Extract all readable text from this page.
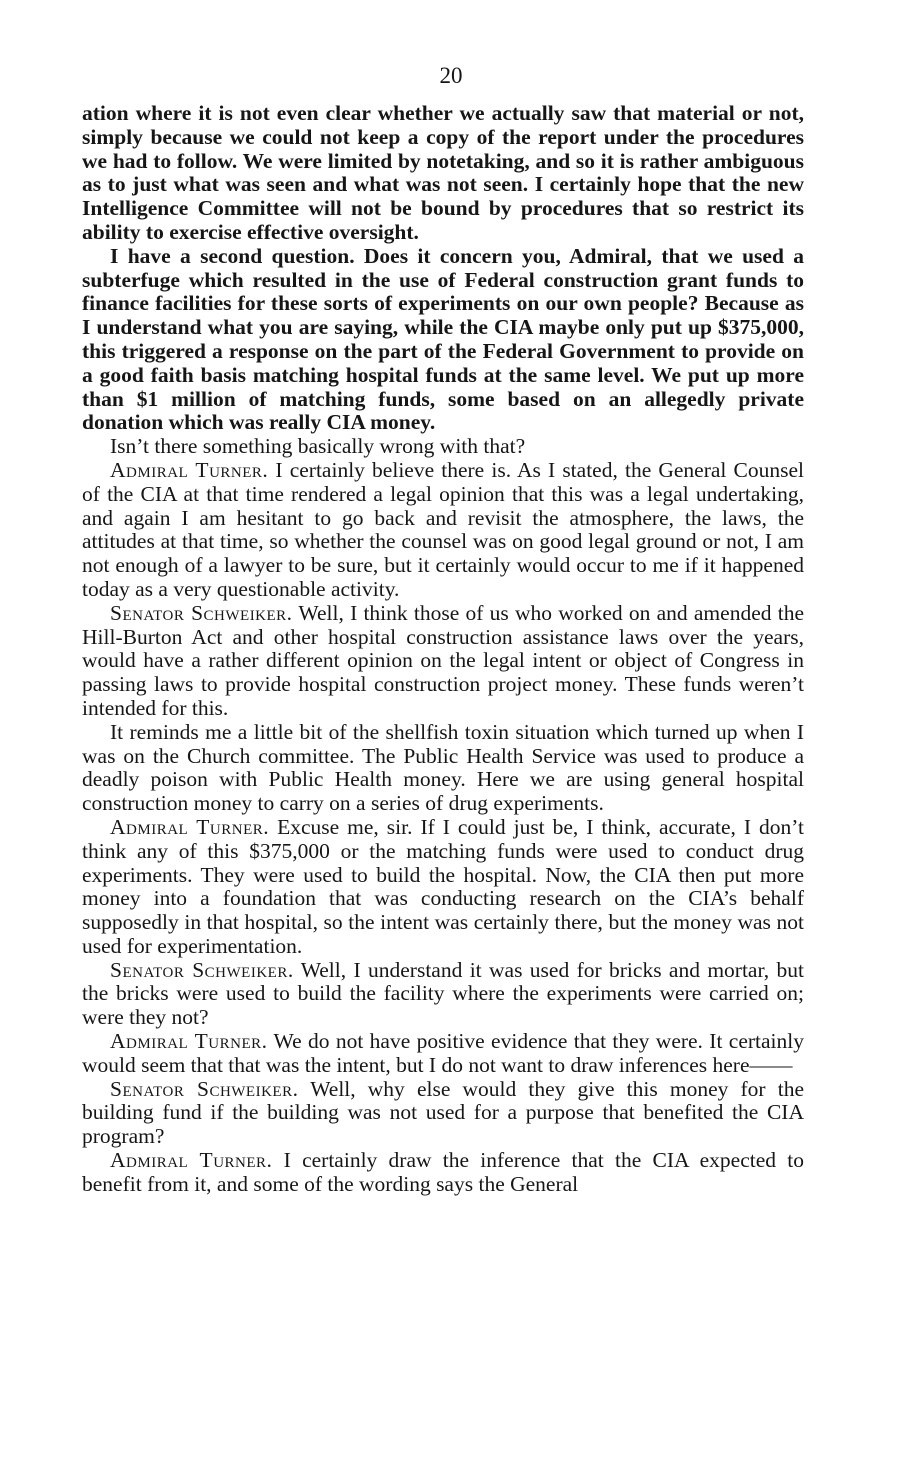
20

ation where it is not even clear whether we actually saw that material or not, simply because we could not keep a copy of the report under the procedures we had to follow. We were limited by notetaking, and so it is rather ambiguous as to just what was seen and what was not seen. I certainly hope that the new Intelligence Committee will not be bound by procedures that so restrict its ability to exercise effective oversight.

I have a second question. Does it concern you, Admiral, that we used a subterfuge which resulted in the use of Federal construction grant funds to finance facilities for these sorts of experiments on our own people? Because as I understand what you are saying, while the CIA maybe only put up $375,000, this triggered a response on the part of the Federal Government to provide on a good faith basis matching hospital funds at the same level. We put up more than $1 million of matching funds, some based on an allegedly private donation which was really CIA money.

Isn’t there something basically wrong with that?

Admiral Turner. I certainly believe there is. As I stated, the General Counsel of the CIA at that time rendered a legal opinion that this was a legal undertaking, and again I am hesitant to go back and revisit the atmosphere, the laws, the attitudes at that time, so whether the counsel was on good legal ground or not, I am not enough of a lawyer to be sure, but it certainly would occur to me if it happened today as a very questionable activity.

Senator Schweiker. Well, I think those of us who worked on and amended the Hill-Burton Act and other hospital construction assistance laws over the years, would have a rather different opinion on the legal intent or object of Congress in passing laws to provide hospital construction project money. These funds weren’t intended for this.

It reminds me a little bit of the shellfish toxin situation which turned up when I was on the Church committee. The Public Health Service was used to produce a deadly poison with Public Health money. Here we are using general hospital construction money to carry on a series of drug experiments.

Admiral Turner. Excuse me, sir. If I could just be, I think, accurate, I don’t think any of this $375,000 or the matching funds were used to conduct drug experiments. They were used to build the hospital. Now, the CIA then put more money into a foundation that was conducting research on the CIA’s behalf supposedly in that hospital, so the intent was certainly there, but the money was not used for experimentation.

Senator Schweiker. Well, I understand it was used for bricks and mortar, but the bricks were used to build the facility where the experiments were carried on; were they not?

Admiral Turner. We do not have positive evidence that they were. It certainly would seem that that was the intent, but I do not want to draw inferences here——

Senator Schweiker. Well, why else would they give this money for the building fund if the building was not used for a purpose that benefited the CIA program?

Admiral Turner. I certainly draw the inference that the CIA expected to benefit from it, and some of the wording says the General
